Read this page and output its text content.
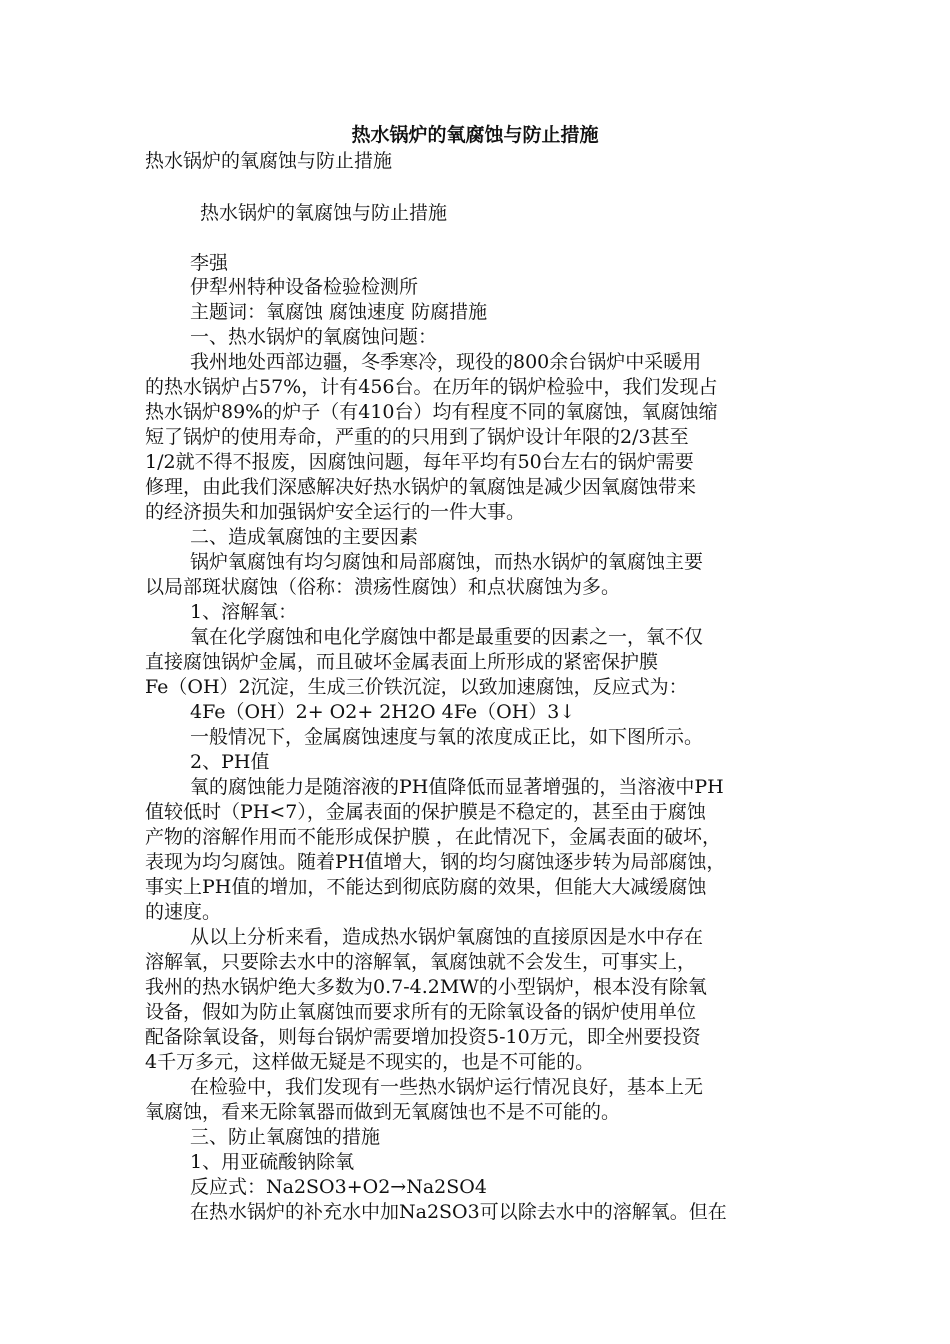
热水锅炉的氧腐蚀与防止措施
热水锅炉的氧腐蚀与防止措施
热水锅炉的氧腐蚀与防止措施
李强
伊犁州特种设备检验检测所
主题词：氧腐蚀 腐蚀速度 防腐措施
一、热水锅炉的氧腐蚀问题：
我州地处西部边疆，冬季寒冷，现役的800余台锅炉中采暖用
的热水锅炉占57%，计有456台。在历年的锅炉检验中，我们发现占
热水锅炉89%的炉子（有410台）均有程度不同的氧腐蚀，氧腐蚀缩
短了锅炉的使用寿命，严重的的只用到了锅炉设计年限的2/3甚至
1/2就不得不报废，因腐蚀问题，每年平均有50台左右的锅炉需要
修理，由此我们深感解决好热水锅炉的氧腐蚀是减少因氧腐蚀带来
的经济损失和加强锅炉安全运行的一件大事。
二、造成氧腐蚀的主要因素
锅炉氧腐蚀有均匀腐蚀和局部腐蚀，而热水锅炉的氧腐蚀主要
以局部斑状腐蚀（俗称：溃疡性腐蚀）和点状腐蚀为多。
1、溶解氧：
氧在化学腐蚀和电化学腐蚀中都是最重要的因素之一，氧不仅
直接腐蚀锅炉金属，而且破坏金属表面上所形成的紧密保护膜
Fe（OH）2沉淀，生成三价铁沉淀，以致加速腐蚀，反应式为：
4Fe（OH）2+ O2+ 2H2O 4Fe（OH）3↓
一般情况下，金属腐蚀速度与氧的浓度成正比，如下图所示。
2、PH值
氧的腐蚀能力是随溶液的PH值降低而显著增强的，当溶液中PH
值较低时（PH<7），金属表面的保护膜是不稳定的，甚至由于腐蚀
产物的溶解作用而不能形成保护膜 ，在此情况下，金属表面的破坏，
表现为均匀腐蚀。随着PH值增大，钢的均匀腐蚀逐步转为局部腐蚀，
事实上PH值的增加，不能达到彻底防腐的效果，但能大大减缓腐蚀
的速度。
从以上分析来看，造成热水锅炉氧腐蚀的直接原因是水中存在
溶解氧，只要除去水中的溶解氧，氧腐蚀就不会发生，可事实上，
我州的热水锅炉绝大多数为0.7-4.2MW的小型锅炉，根本没有除氧
设备，假如为防止氧腐蚀而要求所有的无除氧设备的锅炉使用单位
配备除氧设备，则每台锅炉需要增加投资5-10万元，即全州要投资
4千万多元，这样做无疑是不现实的，也是不可能的。
在检验中，我们发现有一些热水锅炉运行情况良好，基本上无
氧腐蚀，看来无除氧器而做到无氧腐蚀也不是不可能的。
三、防止氧腐蚀的措施
1、用亚硫酸钠除氧
反应式：Na2SO3+O2→Na2SO4
在热水锅炉的补充水中加Na2SO3可以除去水中的溶解氧。但在
